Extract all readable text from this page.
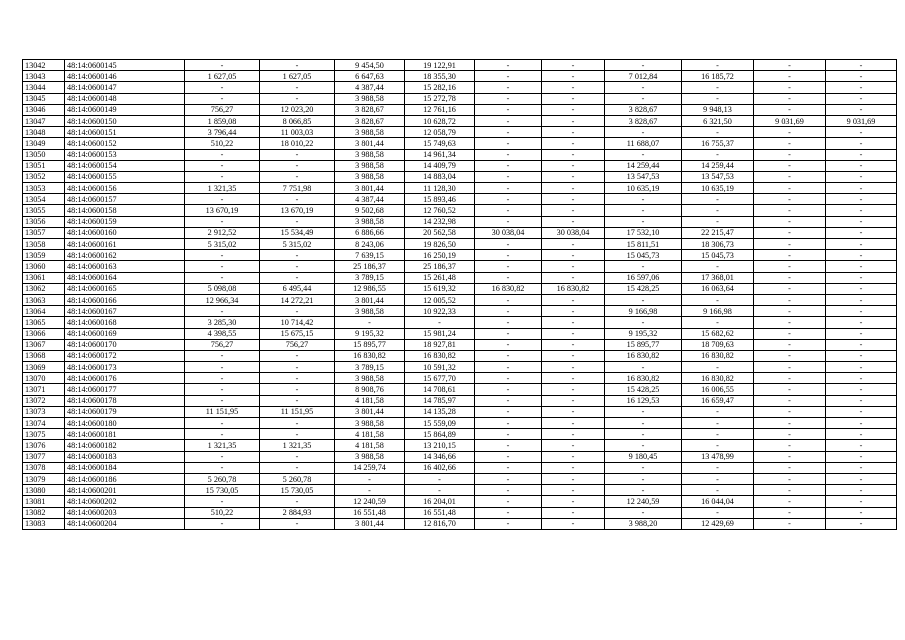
13042	48:14:0600145	-	-	9 454,50	19 122,91	-	-	-	-	-	-
13043	48:14:0600146	1 627,05	1 627,05	6 647,63	18 355,30	-	-	7 012,84	16 185,72	-	-
13044	48:14:0600147	-	-	4 387,44	15 282,16	-	-	-	-	-	-
13045	48:14:0600148	-	-	3 988,58	15 272,78	-	-	-	-	-	-
13046	48:14:0600149	756,27	12 023,20	3 828,67	12 761,16	-	-	3 828,67	9 948,13	-	-
13047	48:14:0600150	1 859,08	8 066,85	3 828,67	10 628,72	-	-	3 828,67	6 321,50	9 031,69	9 031,69
13048	48:14:0600151	3 796,44	11 003,03	3 988,58	12 058,79	-	-	-	-	-	-
13049	48:14:0600152	510,22	18 010,22	3 801,44	15 749,63	-	-	11 688,07	16 755,37	-	-
13050	48:14:0600153	-	-	3 988,58	14 961,34	-	-	-	-	-	-
13051	48:14:0600154	-	-	3 988,58	14 409,79	-	-	14 259,44	14 259,44	-	-
13052	48:14:0600155	-	-	3 988,58	14 883,04	-	-	13 547,53	13 547,53	-	-
13053	48:14:0600156	1 321,35	7 751,98	3 801,44	11 128,30	-	-	10 635,19	10 635,19	-	-
13054	48:14:0600157	-	-	4 387,44	15 893,46	-	-	-	-	-	-
13055	48:14:0600158	13 670,19	13 670,19	9 502,68	12 760,52	-	-	-	-	-	-
13056	48:14:0600159	-	-	3 988,58	14 232,98	-	-	-	-	-	-
13057	48:14:0600160	2 912,52	15 534,49	6 886,66	20 562,58	30 038,04	30 038,04	17 532,10	22 215,47	-	-
13058	48:14:0600161	5 315,02	5 315,02	8 243,06	19 826,50	-	-	15 811,51	18 306,73	-	-
13059	48:14:0600162	-	-	7 639,15	16 250,19	-	-	15 045,73	15 045,73	-	-
13060	48:14:0600163	-	-	25 186,37	25 186,37	-	-	-	-	-	-
13061	48:14:0600164	-	-	3 789,15	15 261,48	-	-	16 597,06	17 368,01	-	-
13062	48:14:0600165	5 098,08	6 495,44	12 986,55	15 619,32	16 830,82	16 830,82	15 428,25	16 063,64	-	-
13063	48:14:0600166	12 966,34	14 272,21	3 801,44	12 005,52	-	-	-	-	-	-
13064	48:14:0600167	-	-	3 988,58	10 922,33	-	-	9 166,98	9 166,98	-	-
13065	48:14:0600168	3 285,30	10 714,42	-	-	-	-	-	-	-	-
13066	48:14:0600169	4 398,55	15 675,15	9 195,32	15 981,24	-	-	9 195,32	15 682,62	-	-
13067	48:14:0600170	756,27	756,27	15 895,77	18 927,81	-	-	15 895,77	18 709,63	-	-
13068	48:14:0600172	-	-	16 830,82	16 830,82	-	-	16 830,82	16 830,82	-	-
13069	48:14:0600173	-	-	3 789,15	10 591,32	-	-	-	-	-	-
13070	48:14:0600176	-	-	3 988,58	15 677,70	-	-	16 830,82	16 830,82	-	-
13071	48:14:0600177	-	-	8 908,76	14 708,61	-	-	15 428,25	16 006,55	-	-
13072	48:14:0600178	-	-	4 181,58	14 785,97	-	-	16 129,53	16 659,47	-	-
13073	48:14:0600179	11 151,95	11 151,95	3 801,44	14 135,28	-	-	-	-	-	-
13074	48:14:0600180	-	-	3 988,58	15 559,09	-	-	-	-	-	-
13075	48:14:0600181	-	-	4 181,58	15 864,89	-	-	-	-	-	-
13076	48:14:0600182	1 321,35	1 321,35	4 181,58	13 210,15	-	-	-	-	-	-
13077	48:14:0600183	-	-	3 988,58	14 346,66	-	-	9 180,45	13 478,99	-	-
13078	48:14:0600184	-	-	14 259,74	16 402,66	-	-	-	-	-	-
13079	48:14:0600186	5 260,78	5 260,78	-	-	-	-	-	-	-	-
13080	48:14:0600201	15 730,05	15 730,05	-	-	-	-	-	-	-	-
13081	48:14:0600202	-	-	12 240,59	16 204,01	-	-	12 240,59	16 044,04	-	-
13082	48:14:0600203	510,22	2 884,93	16 551,48	16 551,48	-	-	-	-	-	-
13083	48:14:0600204	-	-	3 801,44	12 816,70	-	-	3 988,20	12 429,69	-	-
